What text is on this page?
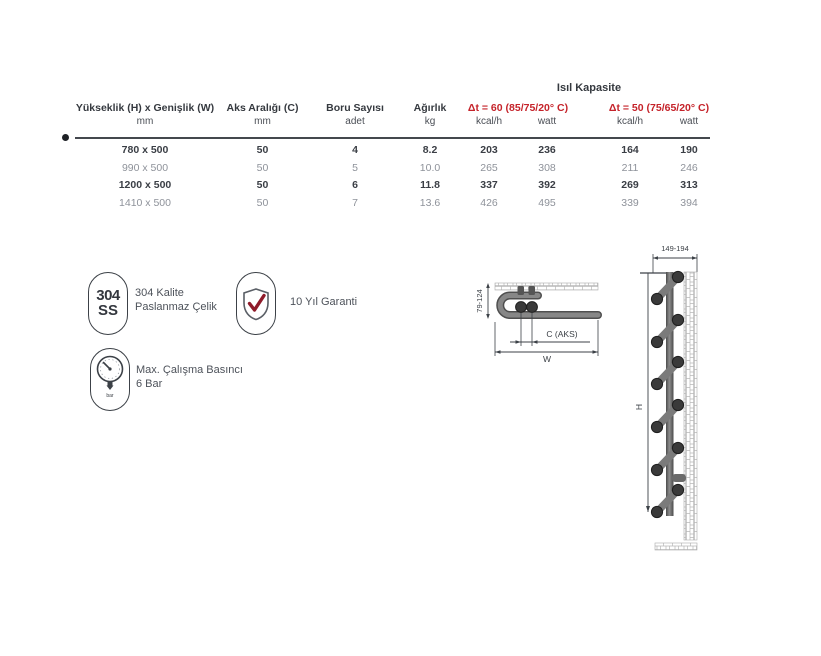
Isıl Kapasite
Yükseklik (H) x Genişlik (W)	Aks Aralığı (C)	Boru Sayısı	Ağırlık	Δt = 60 (85/75/20° C)	Δt = 50 (75/65/20° C)
mm	mm	adet	kg	kcal/h	watt	kcal/h	watt
780 x 500	50	4	8.2	203	236	164	190
990 x 500	50	5	10.0	265	308	211	246
1200 x 500	50	6	11.8	337	392	269	313
1410 x 500	50	7	13.6	426	495	339	394
304
SS
304 Kalite
Paslanmaz Çelik	10 Yıl Garanti
bar
Max. Çalışma Basıncı
6 Bar
79-124
C (AKS)
W
149-194
H
